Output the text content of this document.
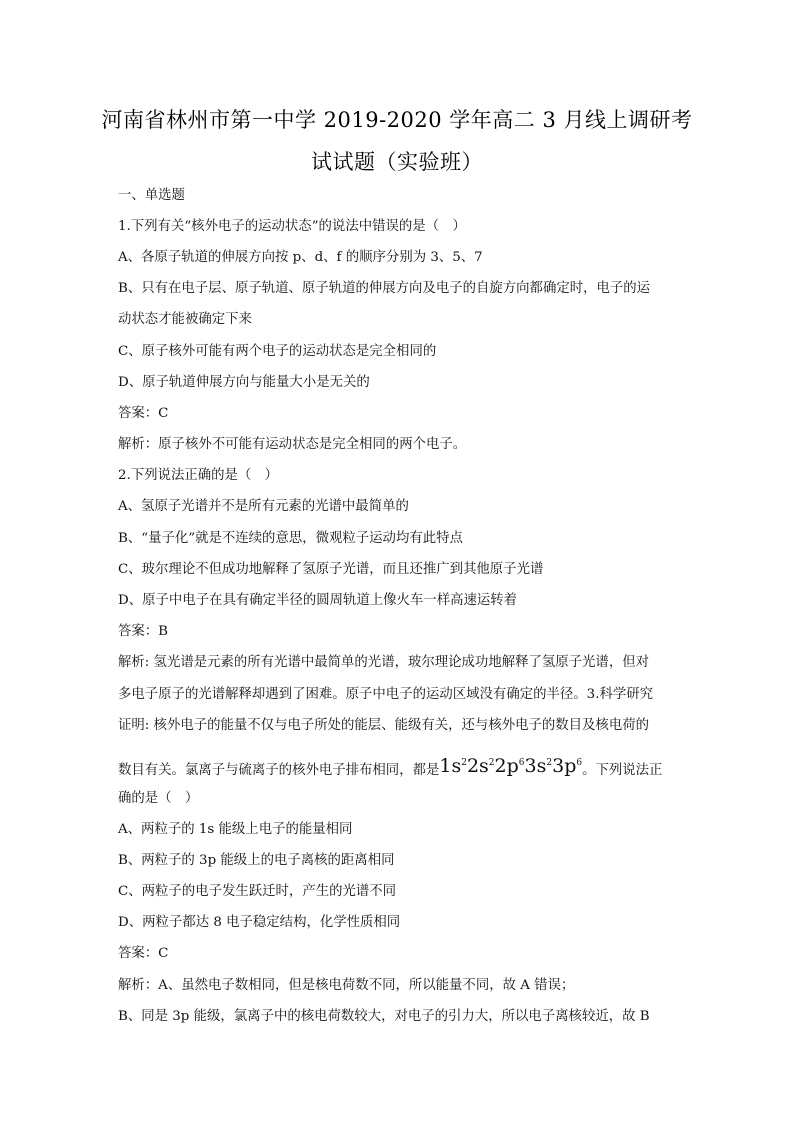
河南省林州市第一中学 2019-2020 学年高二 3 月线上调研考
试试题（实验班）
一、单选题
1.下列有关“核外电子的运动状态”的说法中错误的是（　）
A、各原子轨道的伸展方向按 p、d、f 的顺序分别为 3、5、7
B、只有在电子层、原子轨道、原子轨道的伸展方向及电子的自旋方向都确定时，电子的运
动状态才能被确定下来
C、原子核外可能有两个电子的运动状态是完全相同的
D、原子轨道伸展方向与能量大小是无关的
答案：C
解析：原子核外不可能有运动状态是完全相同的两个电子。
2.下列说法正确的是（　）
A、氢原子光谱并不是所有元素的光谱中最简单的
B、“量子化”就是不连续的意思，微观粒子运动均有此特点
C、玻尔理论不但成功地解释了氢原子光谱，而且还推广到其他原子光谱
D、原子中电子在具有确定半径的圆周轨道上像火车一样高速运转着
答案：B
解析: 氢光谱是元素的所有光谱中最简单的光谱，玻尔理论成功地解释了氢原子光谱，但对
多电子原子的光谱解释却遇到了困难。原子中电子的运动区域没有确定的半径。3.科学研究
证明: 核外电子的能量不仅与电子所处的能层、能级有关，还与核外电子的数目及核电荷的
数目有关。氯离子与硫离子的核外电子排布相同，都是$1s^22s^22p^63s^23p^6$。下列说法正
确的是（　）
A、两粒子的 1s 能级上电子的能量相同
B、两粒子的 3p 能级上的电子离核的距离相同
C、两粒子的电子发生跃迁时，产生的光谱不同
D、两粒子都达 8 电子稳定结构，化学性质相同
答案：C
解析：A、虽然电子数相同，但是核电荷数不同，所以能量不同，故 A 错误；
B、同是 3p 能级，氯离子中的核电荷数较大，对电子的引力大，所以电子离核较近，故 B
